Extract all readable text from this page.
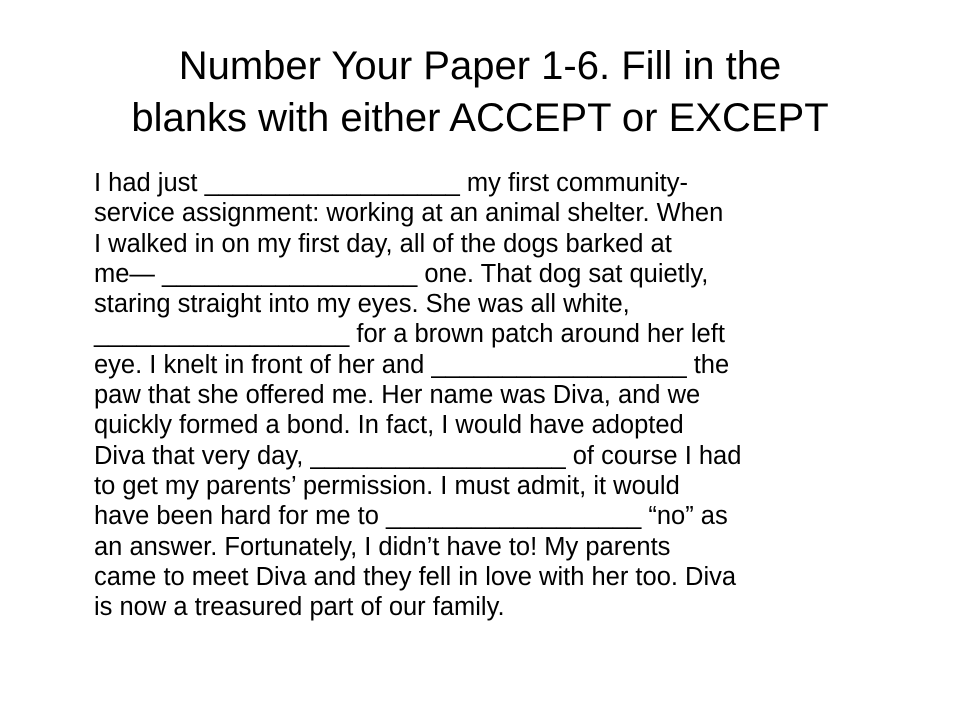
Number Your Paper 1-6. Fill in the
blanks with either ACCEPT or EXCEPT
I had just __________________ my first community-
service assignment: working at an animal shelter. When
I walked in on my first day, all of the dogs barked at
me— __________________ one. That dog sat quietly,
staring straight into my eyes. She was all white,
__________________ for a brown patch around her left
eye. I knelt in front of her and __________________ the
paw that she offered me. Her name was Diva, and we
quickly formed a bond. In fact, I would have adopted
Diva that very day, __________________ of course I had
to get my parents’ permission. I must admit, it would
have been hard for me to __________________ “no” as
an answer. Fortunately, I didn’t have to! My parents
came to meet Diva and they fell in love with her too. Diva
is now a treasured part of our family.
